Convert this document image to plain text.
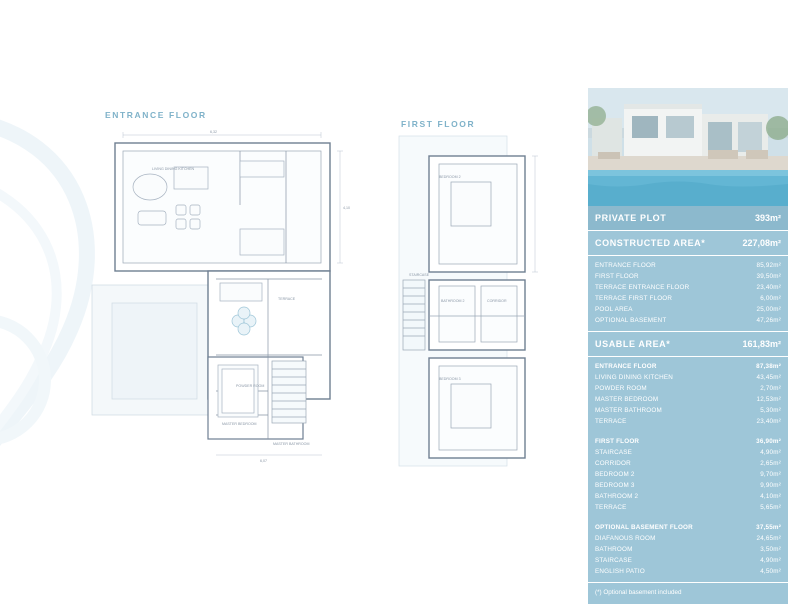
ENTRANCE FLOOR
FIRST FLOOR
6,32
4,10
6,07
LIVING DINING KITCHEN
TERRACE
MASTER BEDROOM
MASTER BATHROOM
POWDER ROOM
BEDROOM 2
BATHROOM 2	CORRIDOR
BEDROOM 3
STAIRCASE
PRIVATE PLOT	393m²
CONSTRUCTED AREA*	227,08m²
ENTRANCE FLOOR	85,92m²
FIRST FLOOR	39,50m²
TERRACE ENTRANCE FLOOR	23,40m²
TERRACE FIRST FLOOR	6,00m²
POOL AREA	25,00m²
OPTIONAL BASEMENT	47,26m²
USABLE AREA*	161,83m²
ENTRANCE FLOOR	87,38m²
LIVING DINING KITCHEN	43,45m²
POWDER ROOM	2,70m²
MASTER BEDROOM	12,53m²
MASTER BATHROOM	5,30m²
TERRACE	23,40m²
FIRST FLOOR	36,90m²
STAIRCASE	4,90m²
CORRIDOR	2,65m²
BEDROOM 2	9,70m²
BEDROOM 3	9,90m²
BATHROOM 2	4,10m²
TERRACE	5,65m²
OPTIONAL BASEMENT FLOOR	37,55m²
DIAFANOUS ROOM	24,65m²
BATHROOM	3,50m²
STAIRCASE	4,90m²
ENGLISH PATIO	4,50m²
(*) Optional basement included
